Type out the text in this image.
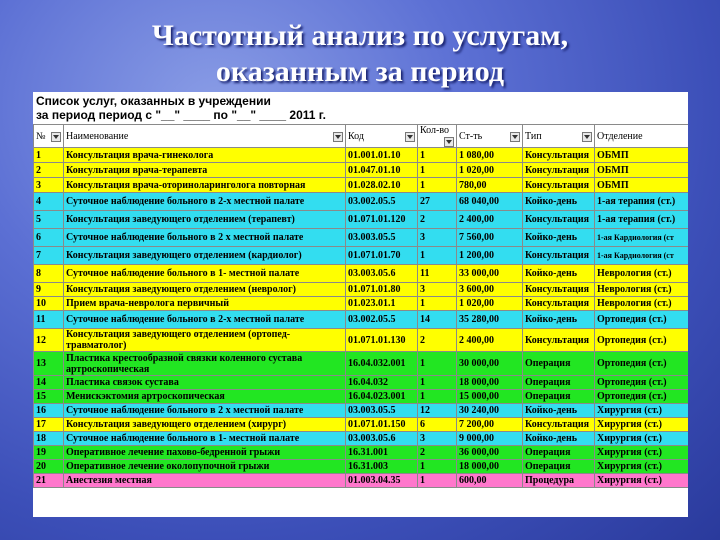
Частотный анализ по услугам,
оказанным за период
Список услуг, оказанных в учреждении
за период период с "__" ____ по "__" ____ 2011 г.
№	Наименование	Код	Кол-во	Ст-ть	Тип	Отделение
1	Консультация врача-гинеколога	01.001.01.10	1	1 080,00	Консультация	ОБМП
2	Консультация врача-терапевта	01.047.01.10	1	1 020,00	Консультация	ОБМП
3	Консультация врача-оториноларинголога повторная	01.028.02.10	1	780,00	Консультация	ОБМП
4	Суточное наблюдение больного в 2-х местной палате	03.002.05.5	27	68 040,00	Койко-день	1-ая терапия (ст.)
5	Консультация заведующего отделением (терапевт)	01.071.01.120	2	2 400,00	Консультация	1-ая терапия (ст.)
6	Суточное наблюдение больного в 2 х местной палате	03.003.05.5	3	7 560,00	Койко-день	1-ая Кардиология (ст
7	Консультация заведующего отделением (кардиолог)	01.071.01.70	1	1 200,00	Консультация	1-ая Кардиология (ст
8	Суточное наблюдение больного в 1- местной палате	03.003.05.6	11	33 000,00	Койко-день	Неврология (ст.)
9	Консультация заведующего отделением (невролог)	01.071.01.80	3	3 600,00	Консультация	Неврология (ст.)
10	Прием врача-невролога первичный	01.023.01.1	1	1 020,00	Консультация	Неврология (ст.)
11	Суточное наблюдение больного в 2-х местной палате	03.002.05.5	14	35 280,00	Койко-день	Ортопедия (ст.)
12	Консультация заведующего отделением (ортопед-травматолог)	01.071.01.130	2	2 400,00	Консультация	Ортопедия (ст.)
13	Пластика крестообразной связки коленного сустава артроскопическая	16.04.032.001	1	30 000,00	Операция	Ортопедия (ст.)
14	Пластика связок сустава	16.04.032	1	18 000,00	Операция	Ортопедия (ст.)
15	Менискэктомия артроскопическая	16.04.023.001	1	15 000,00	Операция	Ортопедия (ст.)
16	Суточное наблюдение больного в 2 х местной палате	03.003.05.5	12	30 240,00	Койко-день	Хирургия (ст.)
17	Консультация заведующего отделением (хирург)	01.071.01.150	6	7 200,00	Консультация	Хирургия (ст.)
18	Суточное наблюдение больного в 1- местной палате	03.003.05.6	3	9 000,00	Койко-день	Хирургия (ст.)
19	Оперативное лечение пахово-бедренной грыжи	16.31.001	2	36 000,00	Операция	Хирургия (ст.)
20	Оперативное лечение околопупочной грыжи	16.31.003	1	18 000,00	Операция	Хирургия (ст.)
21	Анестезия местная	01.003.04.35	1	600,00	Процедура	Хирургия (ст.)
